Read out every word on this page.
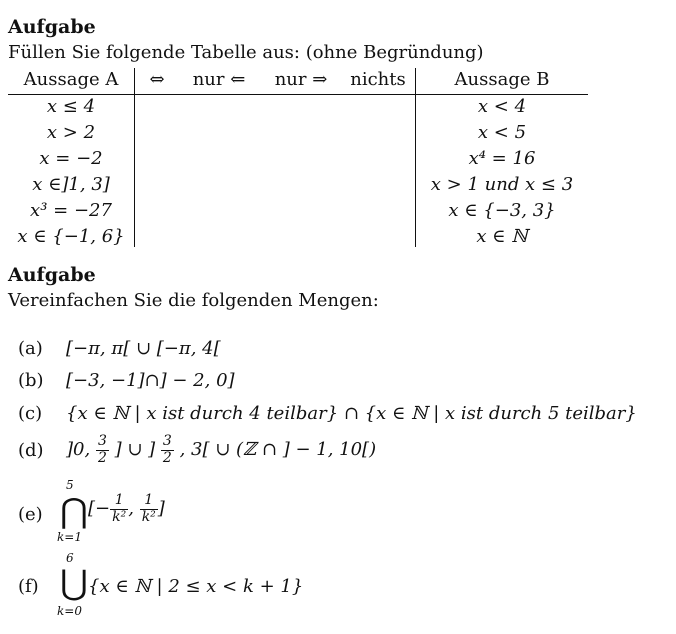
Aufgabe
Füllen Sie folgende Tabelle aus: (ohne Begründung)
Aussage A	⇔	nur ⇐	nur ⇒	nichts	Aussage B
x ≤ 4	x < 4
x > 2	x < 5
x = −2	x⁴ = 16
x ∈]1, 3]	x > 1 und x ≤ 3
x³ = −27	x ∈ {−3, 3}
x ∈ {−1, 6}	x ∈ ℕ
Aufgabe
Vereinfachen Sie die folgenden Mengen:
(a) [−π, π[ ∪ [−π, 4[
(b) [−3, −1]∩] − 2, 0]
(c) {x ∈ ℕ | x ist durch 4 teilbar} ∩ {x ∈ ℕ | x ist durch 5 teilbar}
(d) ]0, $\frac{3}{2}$ ] ∪ ] $\frac{3}{2}$ , 3[ ∪ (ℤ ∩ ] − 1, 10[)
(e)
5
⋂
k=1
[− $\frac{1}{\text{k²}}$ , $\frac{1}{\text{k²}}$ ]
(f)
6
⋃
k=0
{x ∈ ℕ | 2 ≤ x < k + 1}
